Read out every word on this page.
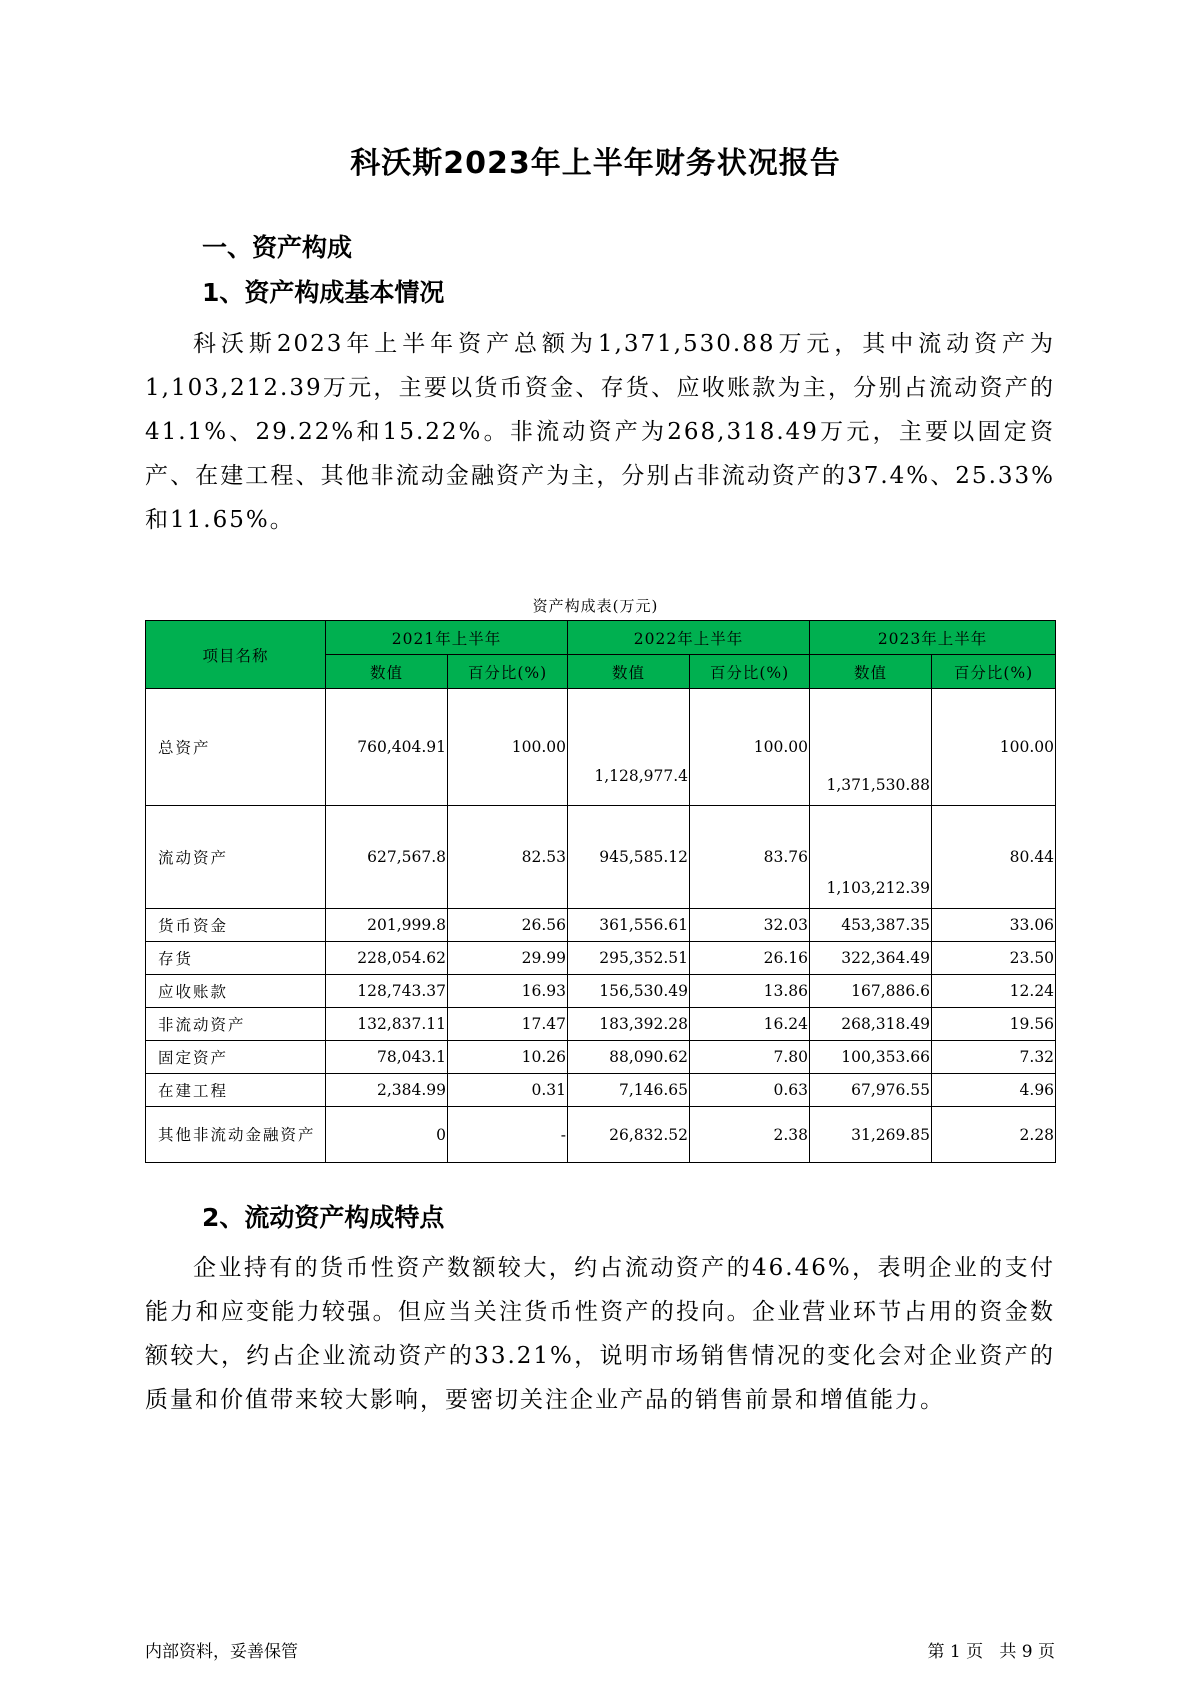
科沃斯2023年上半年财务状况报告
一、资产构成
1、资产构成基本情况

科沃斯2023年上半年资产总额为1,371,530.88万元，其中流动资产为1,103,212.39万元，主要以货币资金、存货、应收账款为主，分别占流动资产的41.1%、29.22%和15.22%。非流动资产为268,318.49万元，主要以固定资产、在建工程、其他非流动金融资产为主，分别占非流动资产的37.4%、25.33%和11.65%。

资产构成表(万元)
项目名称	2021年上半年		2022年上半年		2023年上半年	
	数值	百分比(%)	数值	百分比(%)	数值	百分比(%)
总资产	760,404.91	100.00	1,128,977.4	100.00	1,371,530.88	100.00
流动资产	627,567.8	82.53	945,585.12	83.76	1,103,212.39	80.44
货币资金	201,999.8	26.56	361,556.61	32.03	453,387.35	33.06
存货	228,054.62	29.99	295,352.51	26.16	322,364.49	23.50
应收账款	128,743.37	16.93	156,530.49	13.86	167,886.6	12.24
非流动资产	132,837.11	17.47	183,392.28	16.24	268,318.49	19.56
固定资产	78,043.1	10.26	88,090.62	7.80	100,353.66	7.32
在建工程	2,384.99	0.31	7,146.65	0.63	67,976.55	4.96
其他非流动金融资产	0	-	26,832.52	2.38	31,269.85	2.28
2、流动资产构成特点

企业持有的货币性资产数额较大，约占流动资产的46.46%，表明企业的支付能力和应变能力较强。但应当关注货币性资产的投向。企业营业环节占用的资金数额较大，约占企业流动资产的33.21%，说明市场销售情况的变化会对企业资产的质量和价值带来较大影响，要密切关注企业产品的销售前景和增值能力。

内部资料，妥善保管	第 1 页   共 9 页
